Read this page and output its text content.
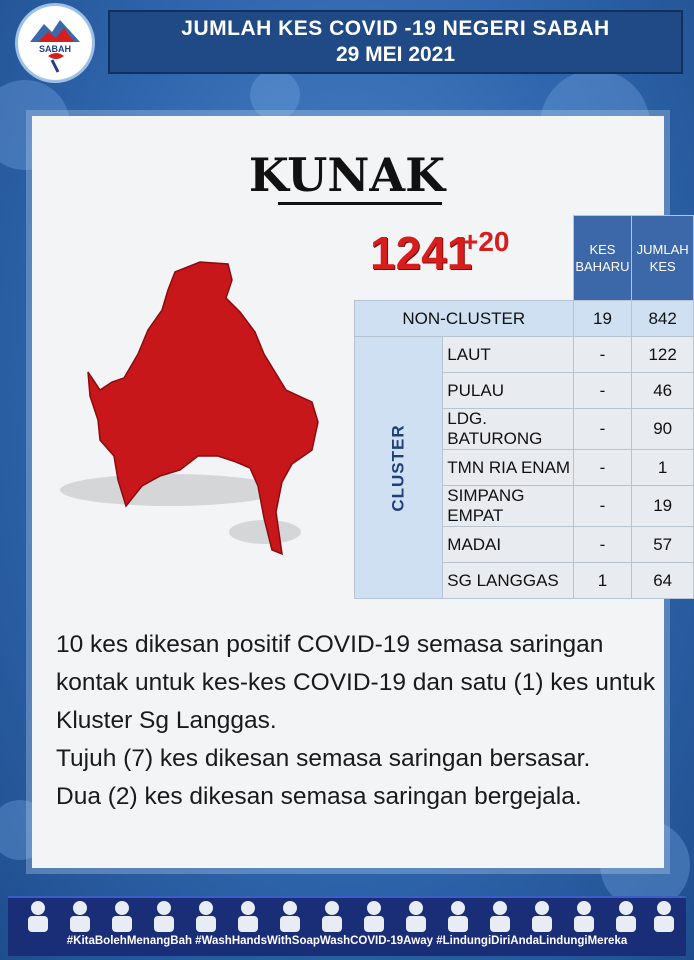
SABAH
JUMLAH KES COVID -19 NEGERI SABAH
29 MEI 2021
KUNAK
1241
+20
		KES BAHARU	JUMLAH KES
NON-CLUSTER		19	842
CLUSTER	LAUT	-	122
	PULAU	-	46
	LDG. BATURONG	-	90
	TMN RIA ENAM	-	1
	SIMPANG EMPAT	-	19
	MADAI	-	57
	SG LANGGAS	1	64

10 kes dikesan positif COVID-19 semasa saringan kontak untuk kes-kes COVID-19 dan satu (1) kes untuk Kluster Sg Langgas.

Tujuh (7) kes dikesan semasa saringan bersasar.

Dua (2) kes dikesan semasa saringan bergejala.

#KitaBolehMenangBah #WashHandsWithSoapWashCOVID-19Away #LindungiDiriAndaLindungiMereka
